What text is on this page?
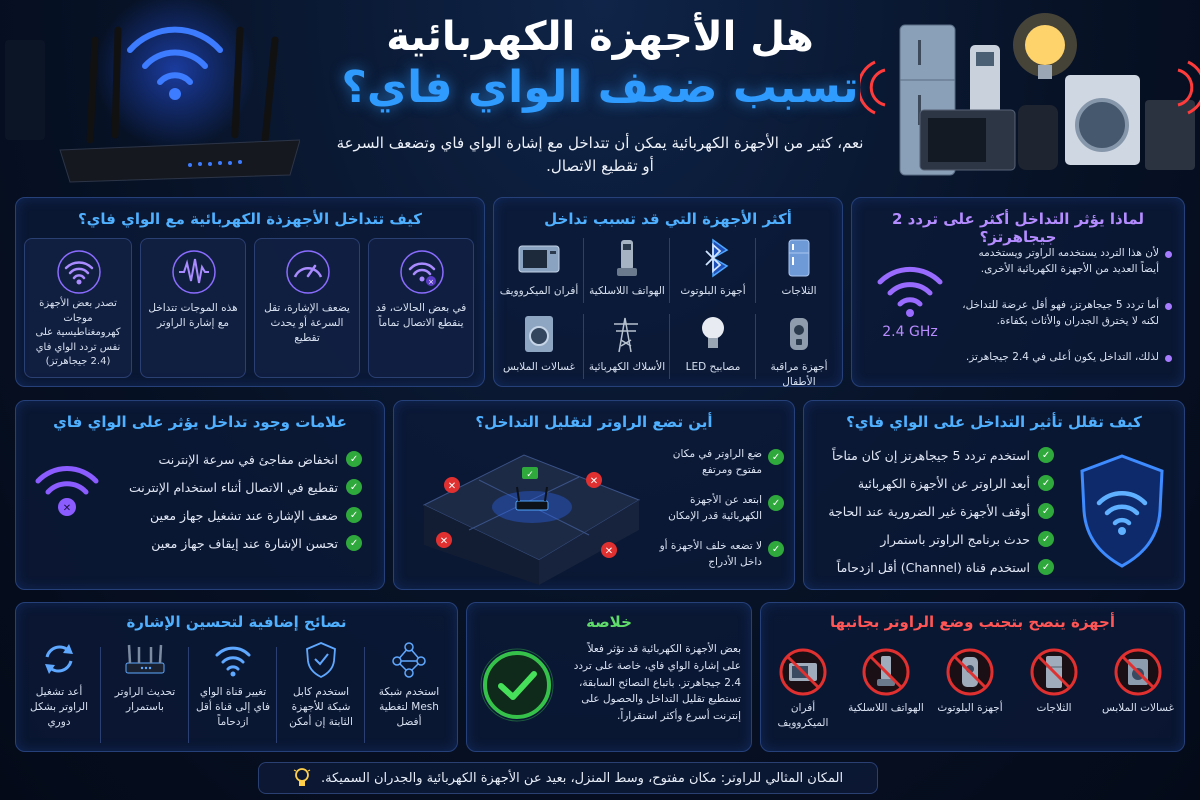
هل الأجهزة الكهربائية
تسبب ضعف الواي فاي؟
نعم، كثير من الأجهزة الكهربائية يمكن أن تتداخل مع إشارة الواي فاي وتضعف السرعة أو تقطيع الاتصال.
كيف تتداخل الأجهزذة الكهربائية مع الواي فاي؟
×
في بعض الحالات، قد ينقطع الاتصال تماماً
يضعف الإشارة، تقل السرعة أو يحدث تقطيع
هذه الموجات تتداخل مع إشارة الراوتر
تصدر بعض الأجهزة موجات كهرومغناطيسية على نفس تردد الواي فاي (2.4 جيجاهرتز)
أكثر الأجهزة التي قد تسبب تداخل
الثلاجات
أجهزة البلوتوث
الهواتف اللاسلكية
أفران الميكروويف
أجهزة مراقبة الأطفال
مصابيح LED
الأسلاك الكهربائية
غسالات الملابس
لماذا يؤثر التداخل أكثر على تردد 2 جيجاهرتز؟
لأن هذا التردد يستخدمه الراوتر ويستخدمه أيضاً العديد من الأجهزة الكهربائية الأخرى.
أما تردد 5 جيجاهرتز، فهو أقل عرضة للتداخل، لكنه لا يخترق الجدران والأثاث بكفاءة.
لذلك، التداخل يكون أعلى في 2.4 جيجاهرتز.
2.4 GHz
علامات وجود تداخل يؤثر على الواي فاي
✓
انخفاض مفاجئ في سرعة الإنترنت
✓
تقطيع في الاتصال أثناء استخدام الإنترنت
✓
ضعف الإشارة عند تشغيل جهاز معين
✓
تحسن الإشارة عند إيقاف جهاز معين
✕
أين تضع الراوتر لتقليل التداخل؟
✓
ضع الراوتر في مكان مفتوح ومرتفع
✓
ابتعد عن الأجهزة الكهربائية قدر الإمكان
✓
لا تضعه خلف الأجهزة أو داخل الأدراج
✕	✕
✕
✕
✓
كيف تقلل تأثير التداخل على الواي فاي؟
✓
استخدم تردد 5 جيجاهرتز إن كان متاحاً
✓
أبعد الراوتر عن الأجهزة الكهربائية
✓
أوقف الأجهزة غير الضرورية عند الحاجة
✓
حدث برنامج الراوتر باستمرار
✓
استخدم قناة (Channel) أقل ازدحاماً
نصائح إضافية لتحسين الإشارة
استخدم شبكة Mesh لتغطية أفضل
استخدم كابل شبكة للأجهزة الثابتة إن أمكن
تغيير قناة الواي فاي إلى قناة أقل ازدحاماً
تحديث الراوتر باستمرار
أعد تشغيل الراوتر بشكل دوري
خلاصة
بعض الأجهزة الكهربائية قد تؤثر فعلاً على إشارة الواي فاي، خاصة على تردد 2.4 جيجاهرتز. باتباع النصائح السابقة، تستطيع تقليل التداخل والحصول على إنترنت أسرع وأكثر استقراراً.
أجهزة ينصح بتجنب وضع الراوتر بجانبها
غسالات الملابس
الثلاجات
أجهزة البلوتوث
الهواتف اللاسلكية
أفران الميكروويف
المكان المثالي للراوتر: مكان مفتوح، وسط المنزل، بعيد عن الأجهزة الكهربائية والجدران السميكة.
